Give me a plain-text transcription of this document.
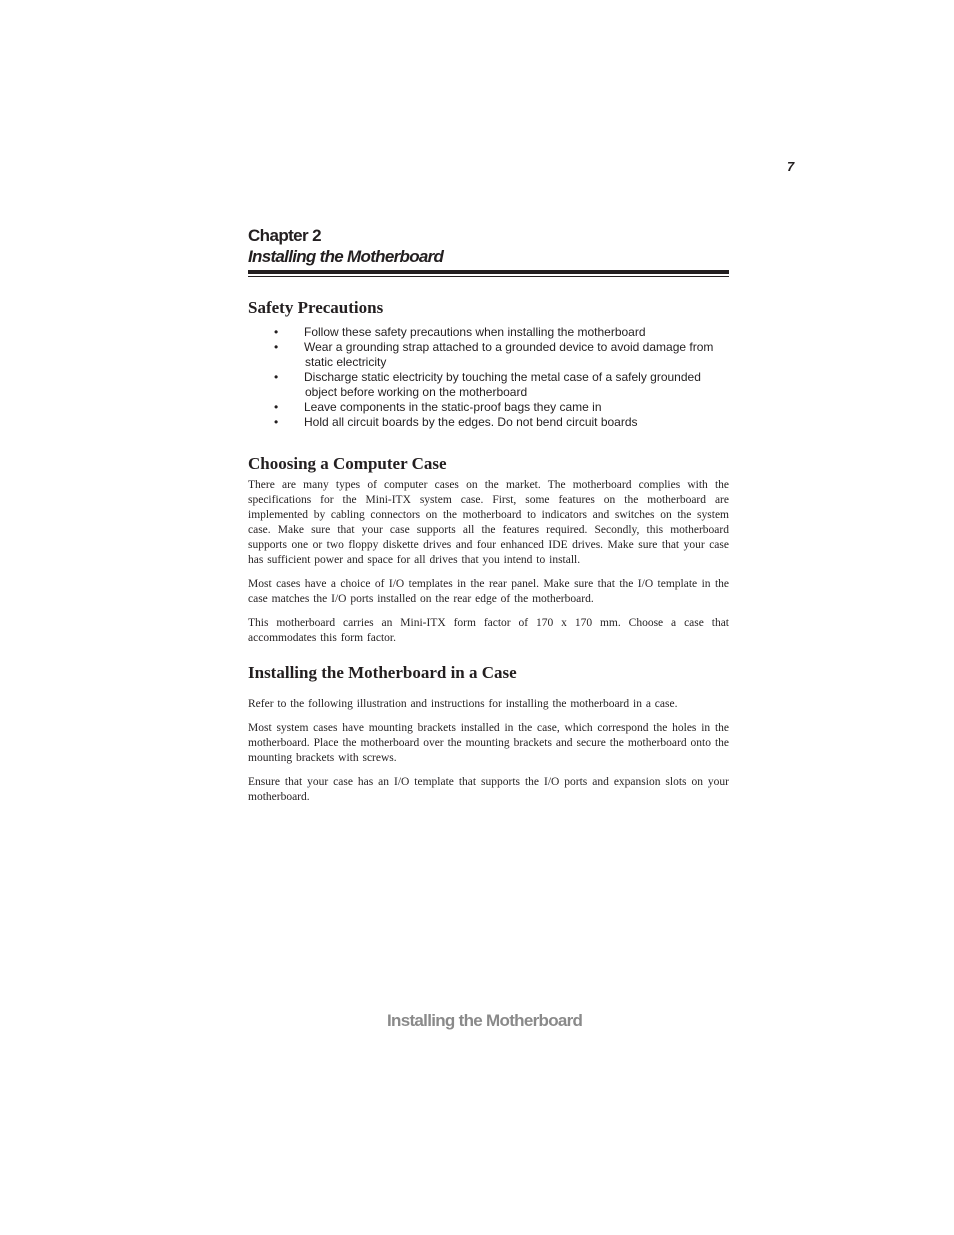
7

Chapter 2

Installing the Motherboard

Safety Precautions
• Follow these safety precautions when installing the motherboard
• Wear a grounding strap attached to a grounded device to avoid damage from
static electricity
• Discharge static electricity by touching the metal case of a safely grounded
object before working on the motherboard
• Leave components in the static-proof bags they came in
• Hold all circuit boards by the edges. Do not bend circuit boards
Choosing a Computer Case

There are many types of computer cases on the market. The motherboard complies with the specifications for the Mini-ITX system case. First, some features on the motherboard are implemented by cabling connectors on the motherboard to indicators and switches on the system case. Make sure that your case supports all the features required. Secondly, this motherboard supports one or two floppy diskette drives and four enhanced IDE drives. Make sure that your case has sufficient power and space for all drives that you intend to install.

Most cases have a choice of I/O templates in the rear panel. Make sure that the I/O template in the case matches the I/O ports installed on the rear edge of the motherboard.

This motherboard carries an Mini-ITX form factor of 170 x 170 mm. Choose a case that accommodates this form factor.

Installing the Motherboard in a Case

Refer to the following illustration and instructions for installing the motherboard in a case.

Most system cases have mounting brackets installed in the case, which correspond the holes in the motherboard. Place the motherboard over the mounting brackets and secure the motherboard onto the mounting brackets with screws.

Ensure that your case has an I/O template that supports the I/O ports and expansion slots on your motherboard.

Installing the Motherboard
